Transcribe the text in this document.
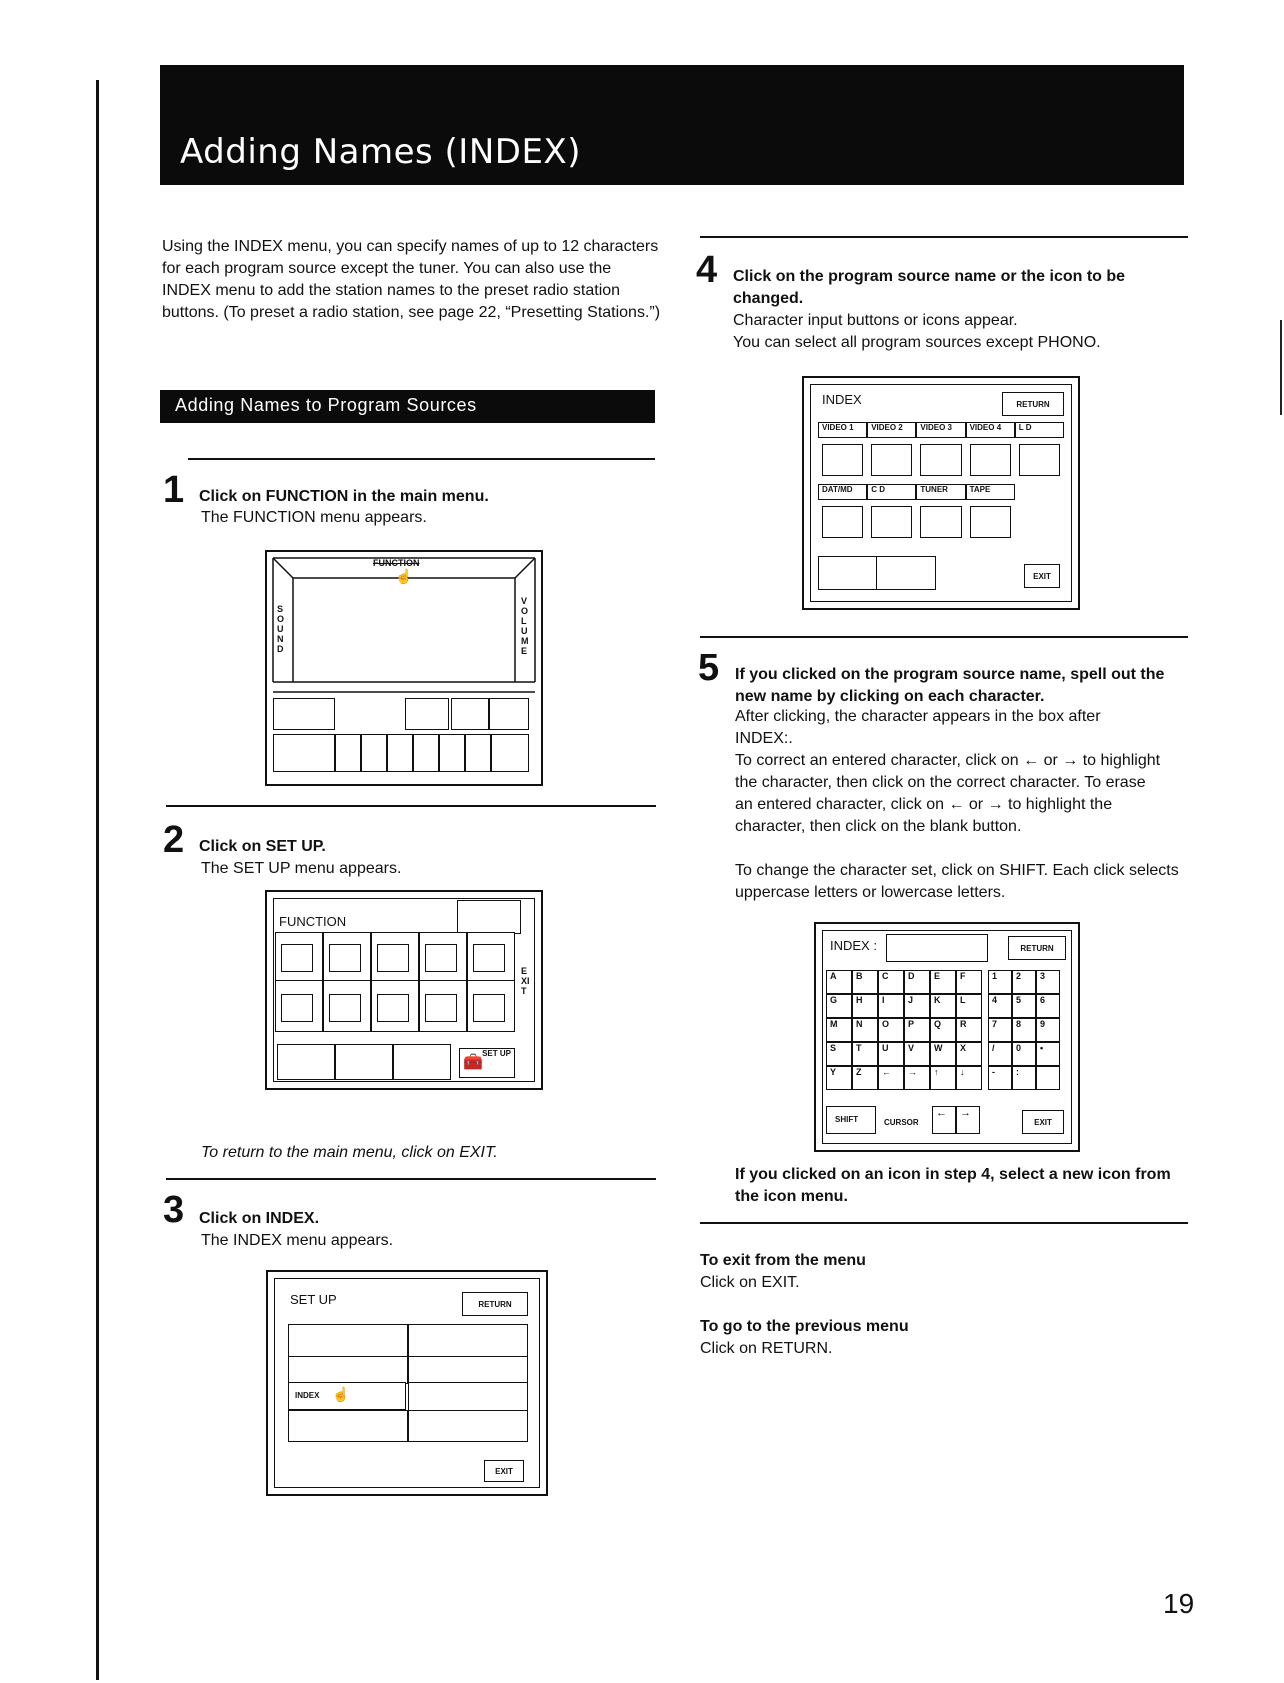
Adding Names (INDEX)

Using the INDEX menu, you can specify names of up to 12 characters for each program source except the tuner. You can also use the INDEX menu to add the station names to the preset radio station buttons. (To preset a radio station, see page 22, “Presetting Stations.”)

Adding Names to Program Sources
1 Click on FUNCTION in the main menu.
The FUNCTION menu appears.
FUNCTION
☝
SOUND
VOLUME
2 Click on SET UP.
The SET UP menu appears.
FUNCTION
EXIT
SET UP
🧰
To return to the main menu, click on EXIT.
3 Click on INDEX.
The INDEX menu appears.
SET UP	RETURN
INDEX ☝
EXIT
4 Click on the program source name or the icon to be changed.
Character input buttons or icons appear.
You can select all program sources except PHONO.
INDEX	RETURN
VIDEO 1	VIDEO 2	VIDEO 3	VIDEO 4	L D
DAT/MD	C D	TUNER	TAPE
EXIT
5 If you clicked on the program source name, spell out the new name by clicking on each character.
After clicking, the character appears in the box after INDEX:.
To correct an entered character, click on ← or → to highlight the character, then click on the correct character. To erase an entered character, click on ← or → to highlight the character, then click on the blank button.
To change the character set, click on SHIFT. Each click selects uppercase letters or lowercase letters.
INDEX :	RETURN
A	B	C	D	E	F
G	H	I	J	K	L
M	N	O	P	Q	R
S	T	U	V	W	X
Y	Z	←	→	↑	↓
1	2	3
4	5	6
7	8	9
/	0	•
-	:
SHIFT	CURSOR
←	→
EXIT
If you clicked on an icon in step 4, select a new icon from the icon menu.
To exit from the menu
Click on EXIT.
To go to the previous menu
Click on RETURN.
19
